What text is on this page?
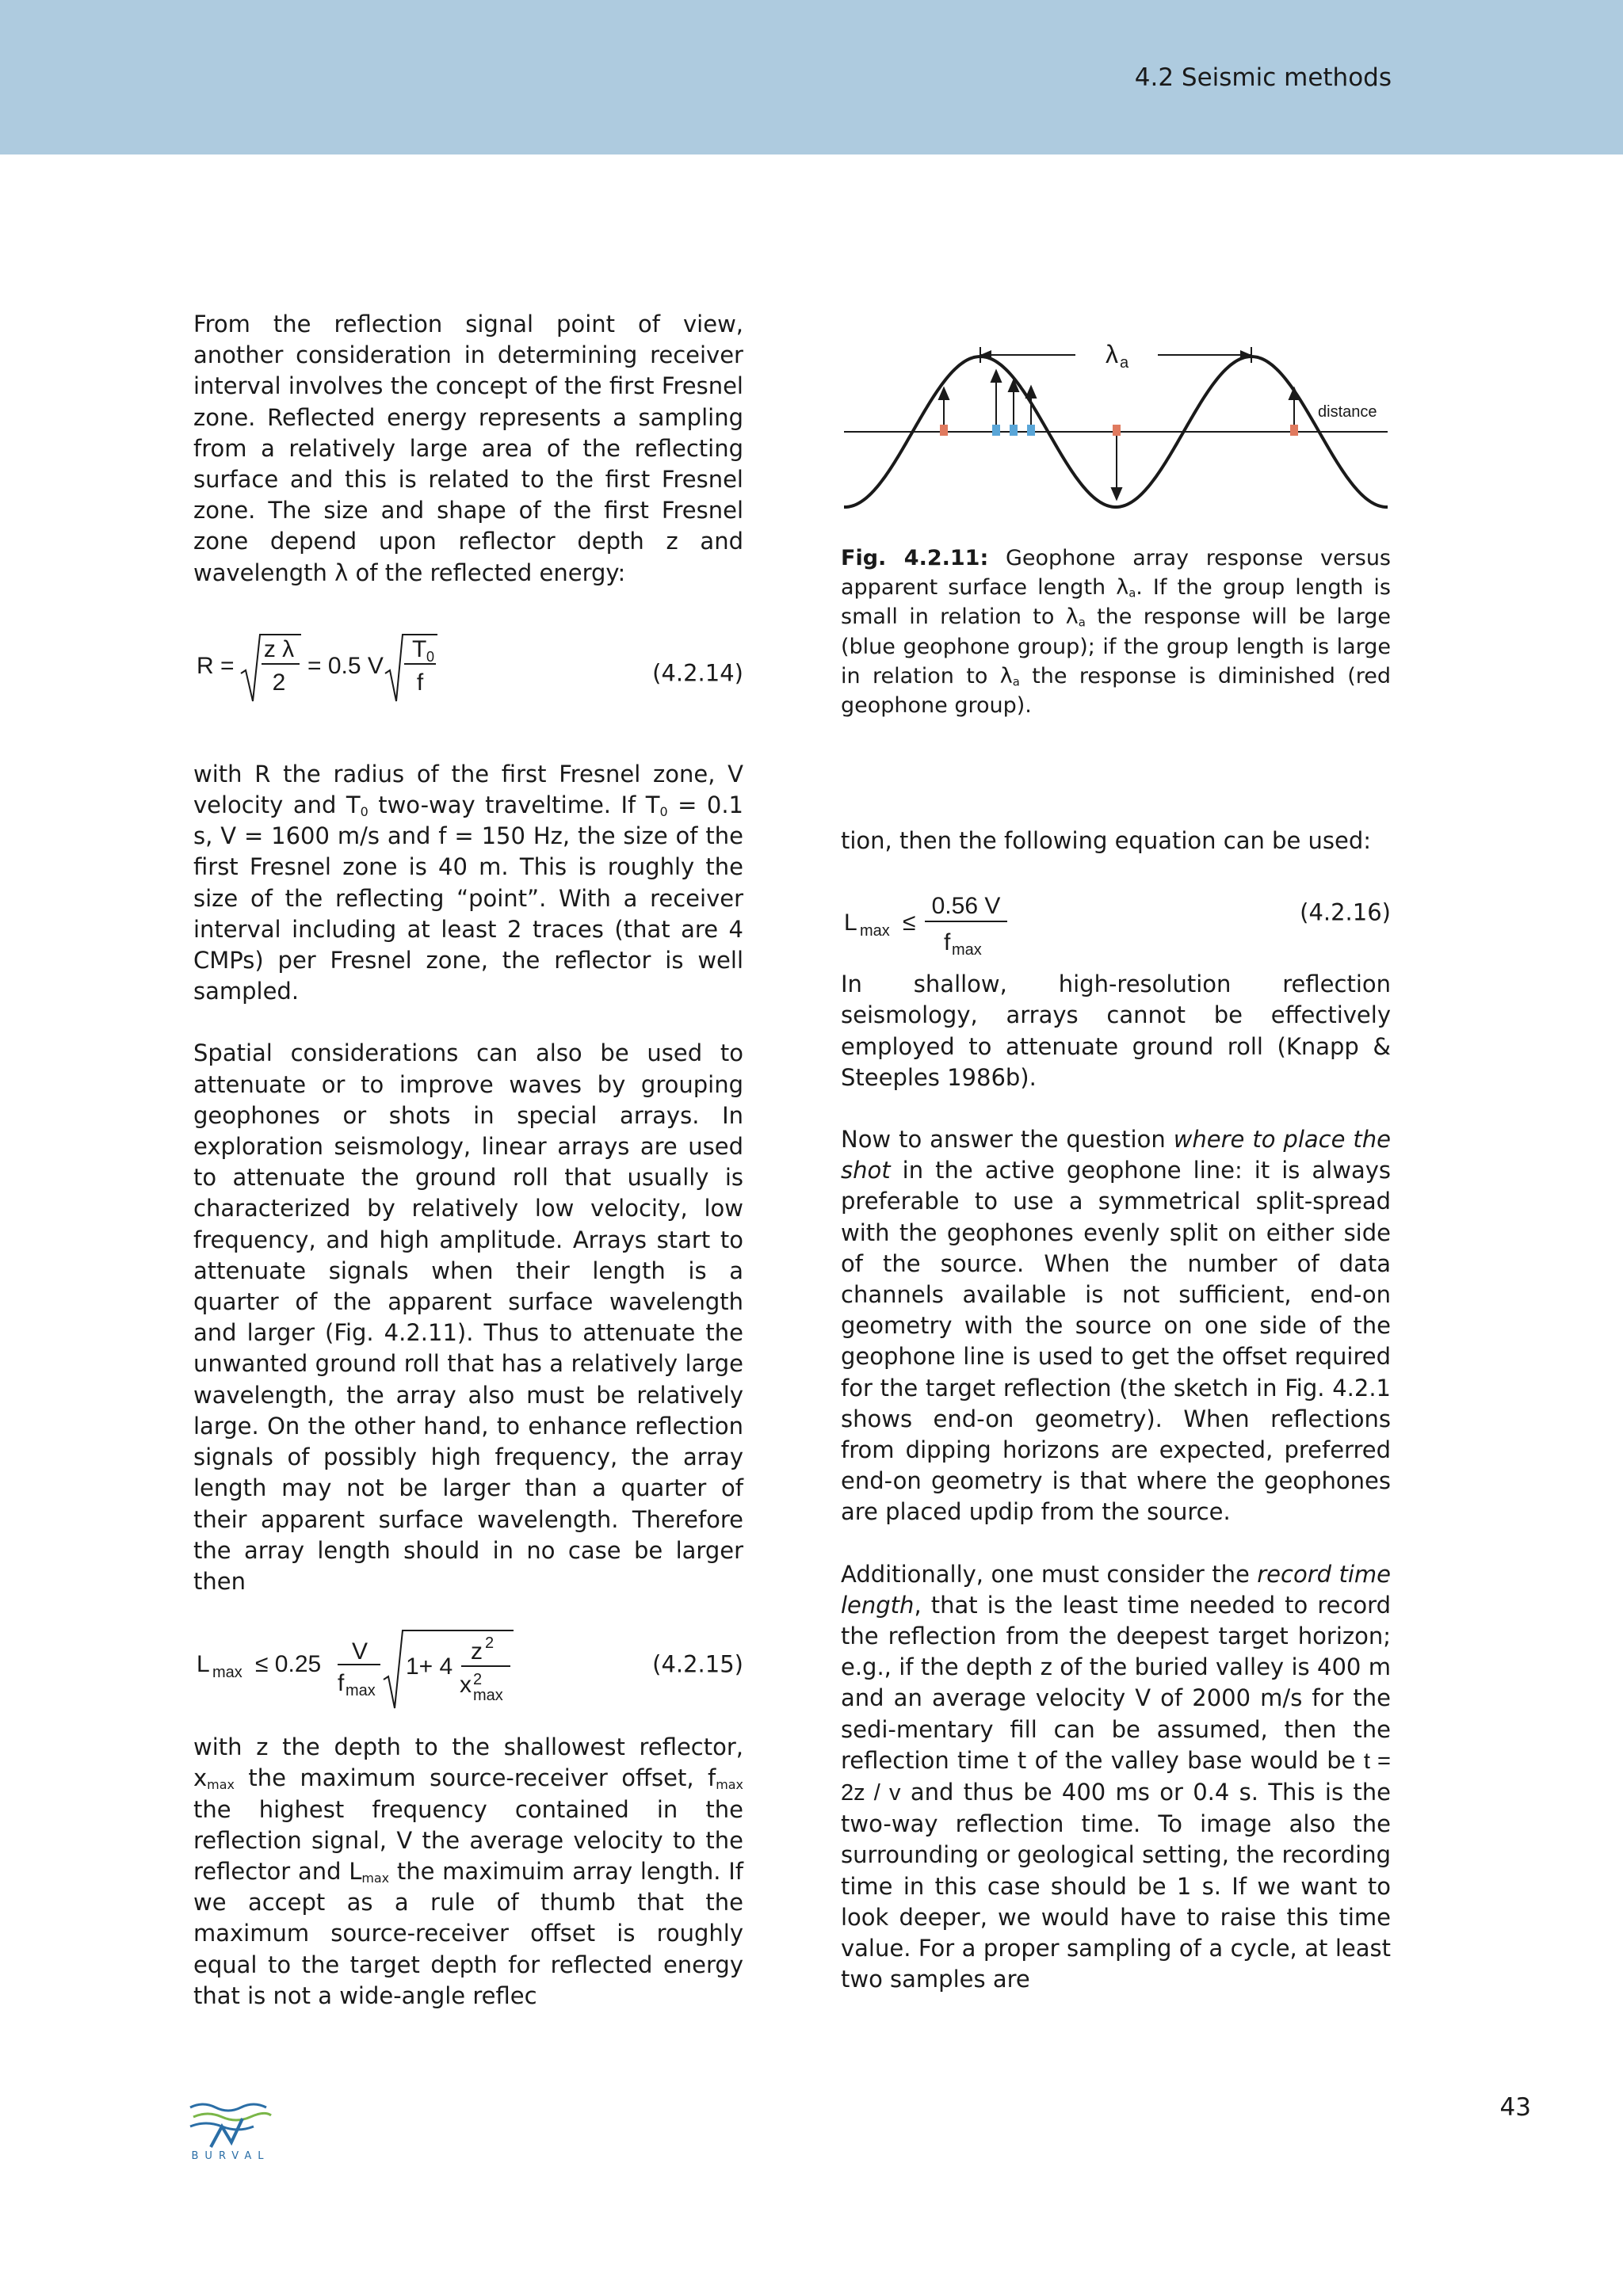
4.2 Seismic methods

From the reflection signal point of view, another consideration in determining receiver interval involves the concept of the first Fresnel zone. Reflected energy represents a sampling from a relatively large area of the reflecting surface and this is related to the first Fresnel zone. The size and shape of the first Fresnel zone depend upon reflector depth z and wavelength λ of the reflected energy:

R =
z λ
2
= 0.5 V
T 0
f	(4.2.14)

with R the radius of the first Fresnel zone, V velocity and $T_0$ two-way traveltime. If $T_0 = 0.1$ s, V = 1600 m/s and f = 150 Hz, the size of the first Fresnel zone is 40 m. This is roughly the size of the reflecting “point”. With a receiver interval including at least 2 traces (that are 4 CMPs) per Fresnel zone, the reflector is well sampled.

Spatial considerations can also be used to attenuate or to improve waves by grouping geophones or shots in special arrays. In exploration seismology, linear arrays are used to attenuate the ground roll that usually is characterized by relatively low velocity, low frequency, and high amplitude. Arrays start to attenuate signals when their length is a quarter of the apparent surface wavelength and larger (Fig. 4.2.11). Thus to attenuate the unwanted ground roll that has a relatively large wavelength, the array also must be relatively large. On the other hand, to enhance reflection signals of possibly high frequency, the array length may not be larger than a quarter of their apparent surface wavelength. Therefore the array length should in no case be larger then

L max ≤ 0.25 V
f max
1+ 4
z 2
x 2
max
(4.2.15)

with z the depth to the shallowest reflector, $x_{max}$ the maximum source-receiver offset, $f_{max}$ the highest frequency contained in the reflection signal, V the average velocity to the reflector and $L_{max}$ the maximuim array length. If we accept as a rule of thumb that the maximum source-receiver offset is roughly equal to the target depth for reflected energy that is not a wide-angle reflec

λ a
distance

Fig. 4.2.11: Geophone array response versus apparent surface length $\lambda_a$. If the group length is small in relation to $\lambda_a$ the response will be large (blue geophone group); if the group length is large in relation to $\lambda_a$ the response is diminished (red geophone group).

tion, then the following equation can be used:

L max ≤
0.56 V
f max
(4.2.16)

In shallow, high-resolution reflection seismology, arrays cannot be effectively employed to attenuate ground roll (Knapp & Steeples 1986b).

Now to answer the question where to place the shot in the active geophone line: it is always preferable to use a symmetrical split-spread with the geophones evenly split on either side of the source. When the number of data channels available is not sufficient, end-on geometry with the source on one side of the geophone line is used to get the offset required for the target reflection (the sketch in Fig. 4.2.1 shows end-on geometry). When reflections from dipping horizons are expected, preferred end-on geometry is that where the geophones are placed updip from the source.

Additionally, one must consider the record time length, that is the least time needed to record the reflection from the deepest target horizon; e.g., if the depth z of the buried valley is 400 m and an average velocity V of 2000 m/s for the sedi-mentary fill can be assumed, then the reflection time t of the valley base would be t = 2z / v and thus be 400 ms or 0.4 s. This is the two-way reflection time. To image also the surrounding or geological setting, the recording time in this case should be 1 s. If we want to look deeper, we would have to raise this time value. For a proper sampling of a cycle, at least two samples are

BURVAL
43
